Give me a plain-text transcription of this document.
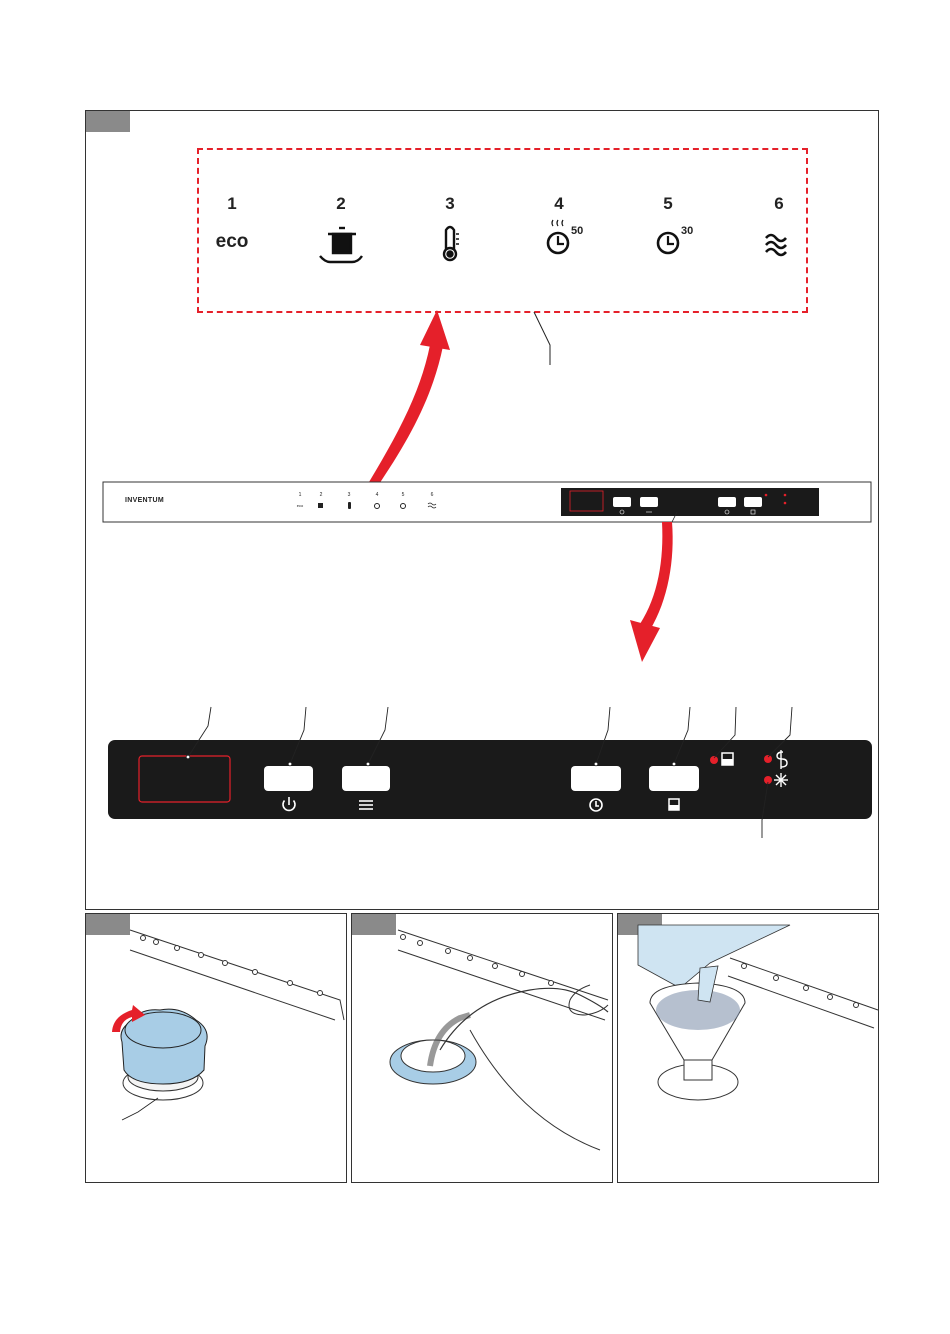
1	2	3	4	5	6
eco	50	30
INVENTUM
1	2	3	4	5	6
eco
